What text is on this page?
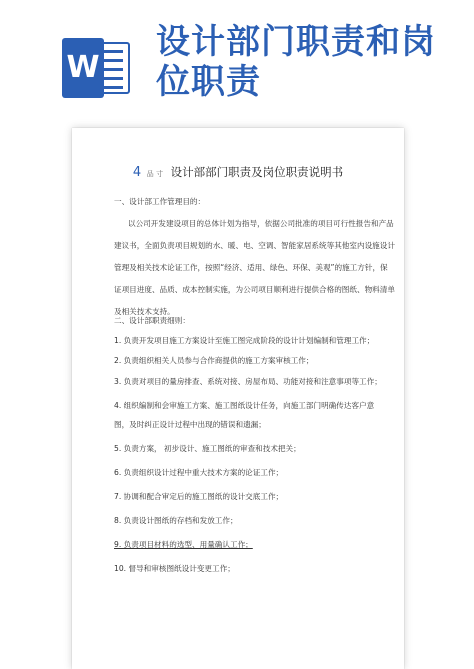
W
设计部门职责和岗
位职责
4 品 寸 设计部部门职责及岗位职责说明书
一、设计部工作管理目的：
以公司开发建设项目的总体计划为指导，依据公司批准的项目可行性报告和产品
建议书，全面负责项目规划的水、暖、电、空调、智能家居系统等其他室内设施设计
管理及相关技术论证工作，按照“经济、适用、绿色、环保、美观”的施工方针，保
证项目进度、品质、成本控制实施，为公司项目顺利进行提供合格的图纸、物料清单
及相关技术支持。
二、设计部职责细则：
1. 负责开发项目施工方案设计至施工图完成阶段的设计计划编制和管理工作；
2. 负责组织相关人员参与合作商提供的施工方案审核工作；
3. 负责对项目的量房排查、系统对接、房屋布局、功能对接和注意事项等工作；
4. 组织编制和会审施工方案、施工图纸设计任务，向施工部门明确传达客户意
图，及时纠正设计过程中出现的错误和遗漏；
5. 负责方案， 初步设计、施工图纸的审查和技术把关；
6. 负责组织设计过程中重大技术方案的论证工作；
7. 协调和配合审定后的施工图纸的设计交底工作；
8. 负责设计图纸的存档和发放工作；
9. 负责项目材料的选型、用量确认工作；
10. 督导和审核图纸设计变更工作；
